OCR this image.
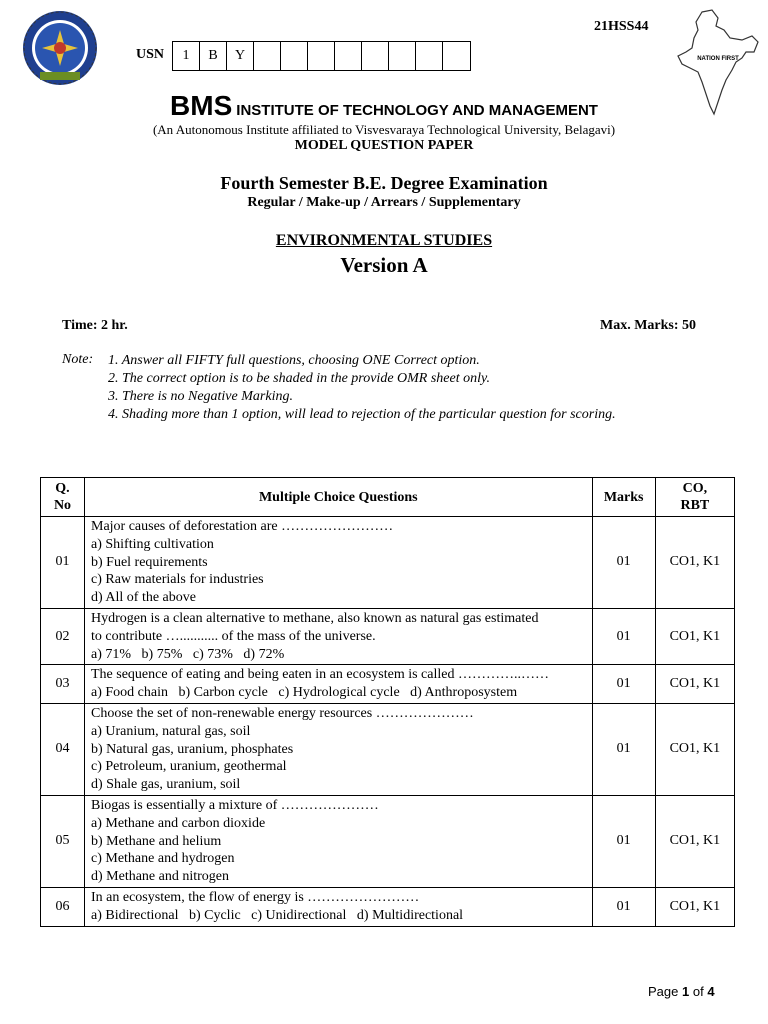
USN	1	B	Y
21HSS44
NATION FIRST
BMS INSTITUTE OF TECHNOLOGY AND MANAGEMENT
(An Autonomous Institute affiliated to Visvesvaraya Technological University, Belagavi)
MODEL QUESTION PAPER
Fourth Semester B.E. Degree Examination
Regular / Make-up / Arrears / Supplementary
ENVIRONMENTAL STUDIES
Version A
Time: 2 hr.	Max. Marks: 50
Note: 1. Answer all FIFTY full questions, choosing ONE Correct option.
2. The correct option is to be shaded in the provide OMR sheet only.
3. There is no Negative Marking.
4. Shading more than 1 option, will lead to rejection of the particular question for scoring.
Q.
No	Multiple Choice Questions	Marks	CO,
RBT
01	Major causes of deforestation are ……………………
a) Shifting cultivation
b) Fuel requirements
c) Raw materials for industries
d) All of the above	01	CO1, K1
02	Hydrogen is a clean alternative to methane, also known as natural gas estimated
to contribute …........... of the mass of the universe.
a) 71%   b) 75%   c) 73%   d) 72%	01	CO1, K1
03	The sequence of eating and being eaten in an ecosystem is called …………..……
a) Food chain   b) Carbon cycle   c) Hydrological cycle   d) Anthroposystem	01	CO1, K1
04	Choose the set of non-renewable energy resources …………………
a) Uranium, natural gas, soil
b) Natural gas, uranium, phosphates
c) Petroleum, uranium, geothermal
d) Shale gas, uranium, soil	01	CO1, K1
05	Biogas is essentially a mixture of …………………
a) Methane and carbon dioxide
b) Methane and helium
c) Methane and hydrogen
d) Methane and nitrogen	01	CO1, K1
06	In an ecosystem, the flow of energy is ……………………
a) Bidirectional   b) Cyclic   c) Unidirectional   d) Multidirectional	01	CO1, K1
Page 1 of 4
